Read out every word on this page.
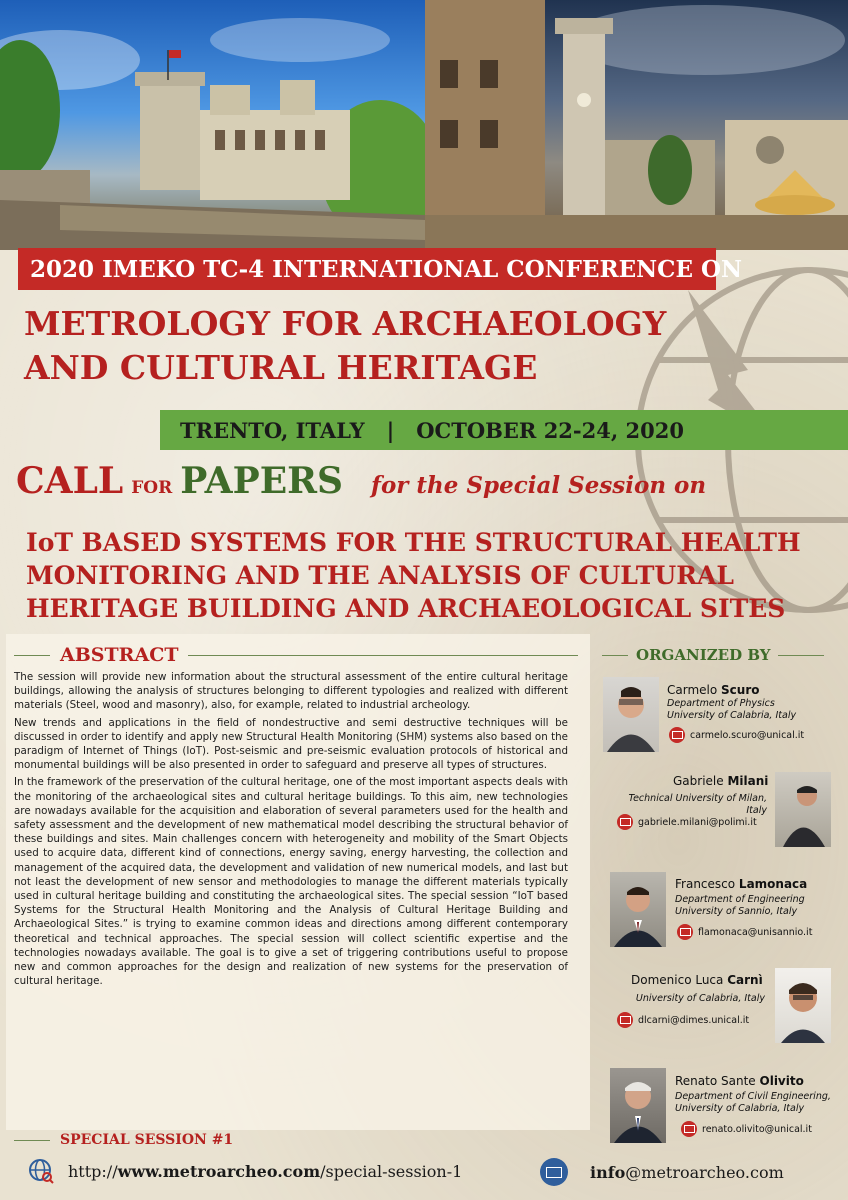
2020 IMEKO TC-4 INTERNATIONAL CONFERENCE ON
METROLOGY FOR ARCHAEOLOGY
AND CULTURAL HERITAGE
TRENTO, ITALY | OCTOBER 22-24, 2020
CALL FOR PAPERS for the Special Session on
IoT BASED SYSTEMS FOR THE STRUCTURAL HEALTH
MONITORING AND THE ANALYSIS OF CULTURAL
HERITAGE BUILDING AND ARCHAEOLOGICAL SITES
ABSTRACT

The session will provide new information about the structural assessment of the entire cultural heritage buildings, allowing the analysis of structures belonging to different typologies and realized with different materials (Steel, wood and masonry), also, for example, related to industrial archeology.

New trends and applications in the field of nondestructive and semi destructive techniques will be discussed in order to identify and apply new Structural Health Monitoring (SHM) systems also based on the paradigm of Internet of Things (IoT). Post-seismic and pre-seismic evaluation protocols of historical and monumental buildings will be also presented in order to safeguard and preserve all types of structures.

In the framework of the preservation of the cultural heritage, one of the most important aspects deals with the monitoring of the archaeological sites and cultural heritage buildings. To this aim, new technologies are nowadays available for the acquisition and elaboration of several parameters used for the health and safety assessment and the development of new mathematical model describing the structural behavior of these buildings and sites. Main challenges concern with heterogeneity and mobility of the Smart Objects used to acquire data, different kind of connections, energy saving, energy harvesting, the collection and management of the acquired data, the development and validation of new numerical models, and last but not least the development of new sensor and methodologies to manage the different materials typically used in cultural heritage building and constituting the archaeological sites. The special session “IoT based Systems for the Structural Health Monitoring and the Analysis of Cultural Heritage Building and Archaeological Sites.” is trying to examine common ideas and directions among different contemporary theoretical and technical approaches. The special session will collect scientific expertise and the technologies nowadays available. The goal is to give a set of triggering contributions useful to propose new and common approaches for the design and realization of new systems for the preservation of cultural heritage.

ORGANIZED BY
Carmelo Scuro
Department of Physics
University of Calabria, Italy
carmelo.scuro@unical.it
Gabriele Milani
Technical University of Milan,
Italy
gabriele.milani@polimi.it
Francesco Lamonaca
Department of Engineering
University of Sannio, Italy
flamonaca@unisannio.it
Domenico Luca Carnì
University of Calabria, Italy
dlcarni@dimes.unical.it
Renato Sante Olivito
Department of Civil Engineering,
University of Calabria, Italy
renato.olivito@unical.it
SPECIAL SESSION #1
http:// www.metroarcheo.com /special-session-1	info @metroarcheo.com
